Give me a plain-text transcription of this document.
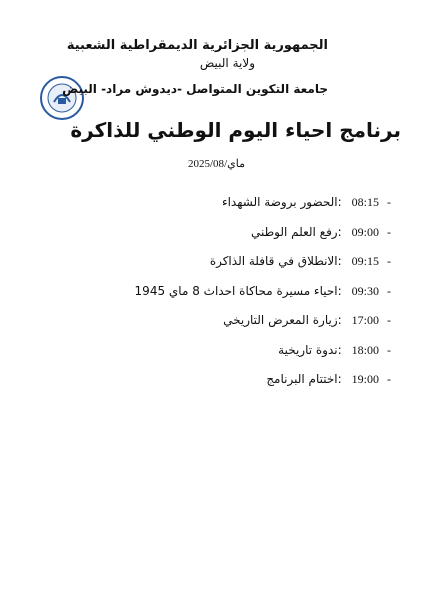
الجمهورية الجزائرية الديمقراطية الشعبية
ولاية البيض
جامعة التكوين المتواصل -ديدوش مراد- البيض
برنامج احياء اليوم الوطني للذاكرة
ماي/2025/08
-08:15:الحضور بروضة الشهداء
-09:00:رفع العلم الوطني
-09:15:الانطلاق في قافلة الذاكرة
-09:30:احياء مسيرة محاكاة احداث 8 ماي 1945
-17:00:زيارة المعرض التاريخي
-18:00:ندوة تاريخية
-19:00:اختتام البرنامج
